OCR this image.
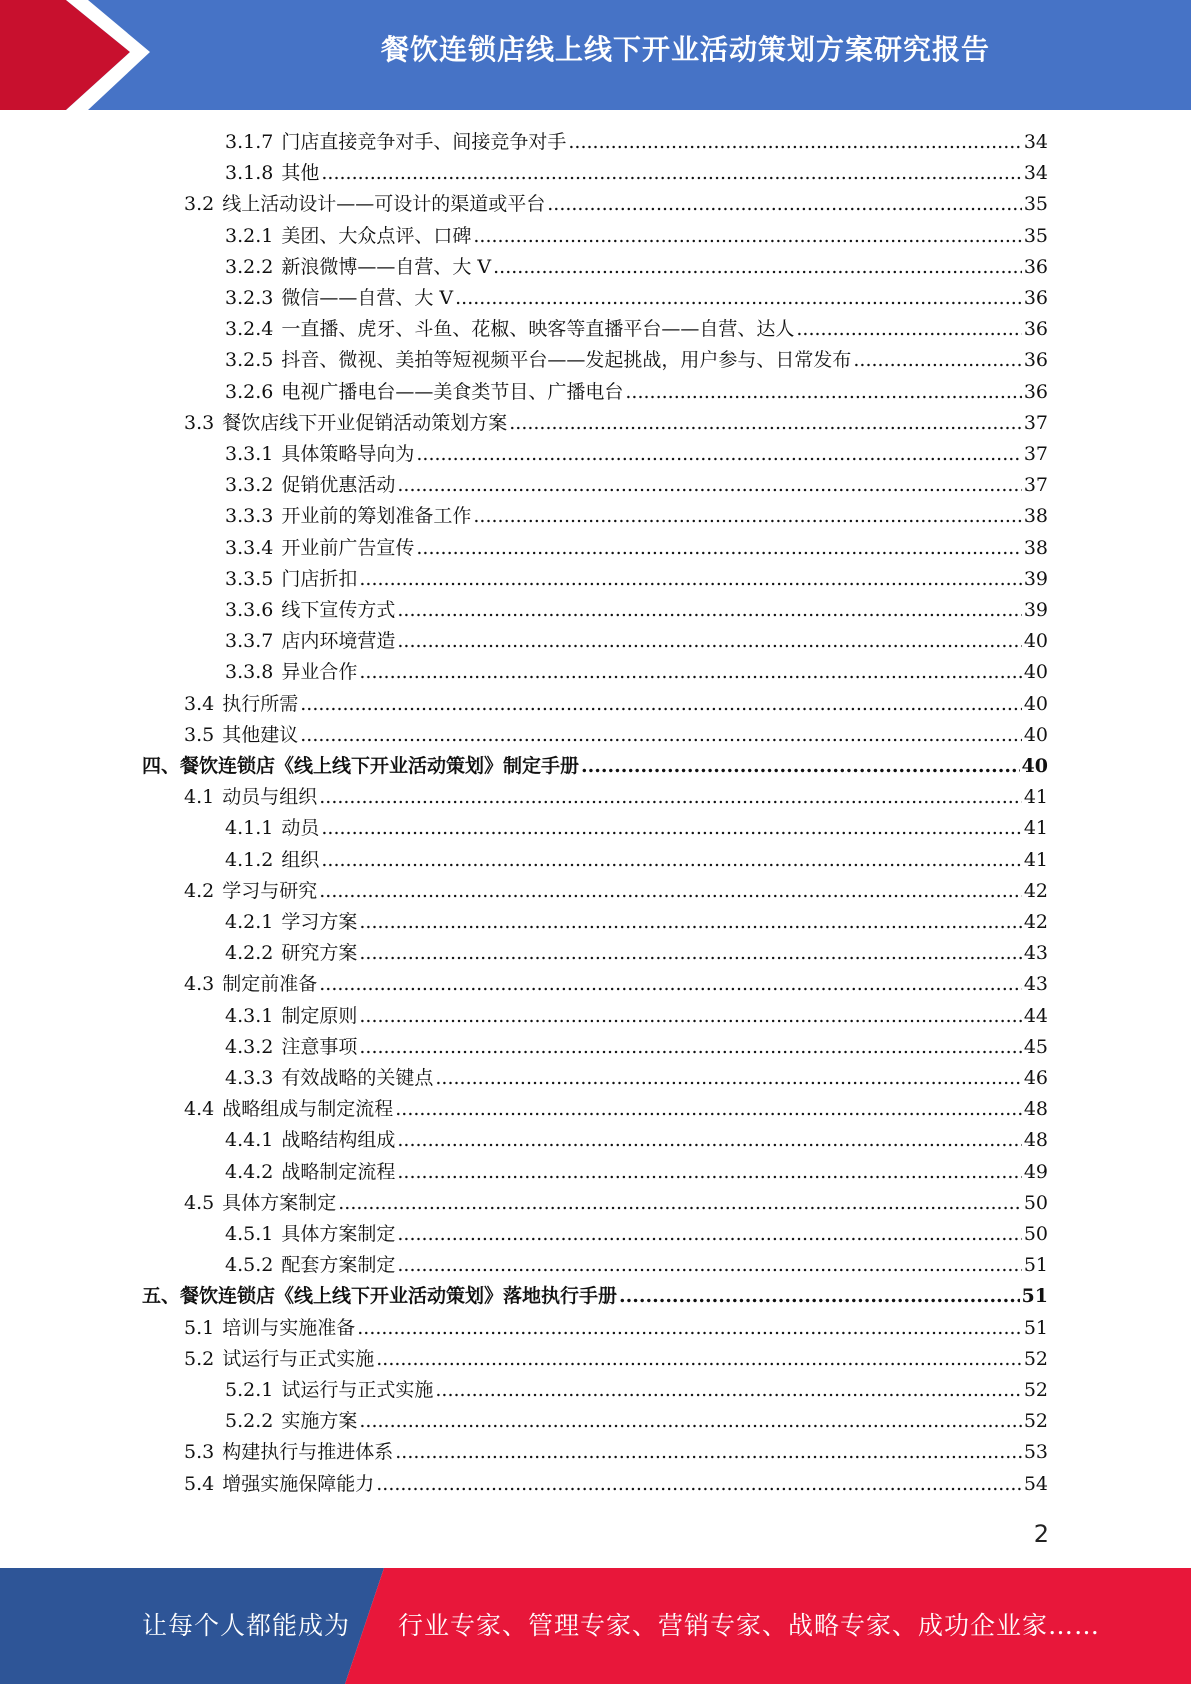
餐饮连锁店线上线下开业活动策划方案研究报告
3.1.7 门店直接竞争对手、间接竞争对手 .....	34
3.1.8 其他 .....	34
3.2 线上活动设计——可设计的渠道或平台 .....	35
3.2.1 美团、大众点评、口碑 .....	35
3.2.2 新浪微博——自营、大 V .....	36
3.2.3 微信——自营、大 V .....	36
3.2.4 一直播、虎牙、斗鱼、花椒、映客等直播平台——自营、达人 .....	36
3.2.5 抖音、微视、美拍等短视频平台——发起挑战，用户参与、日常发布 .....	36
3.2.6 电视广播电台——美食类节目、广播电台 .....	36
3.3 餐饮店线下开业促销活动策划方案 .....	37
3.3.1 具体策略导向为 .....	37
3.3.2 促销优惠活动 .....	37
3.3.3 开业前的筹划准备工作 .....	38
3.3.4 开业前广告宣传 .....	38
3.3.5 门店折扣 .....	39
3.3.6 线下宣传方式 .....	39
3.3.7 店内环境营造 .....	40
3.3.8 异业合作 .....	40
3.4 执行所需 .....	40
3.5 其他建议 .....	40
四、餐饮连锁店《线上线下开业活动策划》制定手册 .....	40
4.1 动员与组织 .....	41
4.1.1 动员 .....	41
4.1.2 组织 .....	41
4.2 学习与研究 .....	42
4.2.1 学习方案 .....	42
4.2.2 研究方案 .....	43
4.3 制定前准备 .....	43
4.3.1 制定原则 .....	44
4.3.2 注意事项 .....	45
4.3.3 有效战略的关键点 .....	46
4.4 战略组成与制定流程 .....	48
4.4.1 战略结构组成 .....	48
4.4.2 战略制定流程 .....	49
4.5 具体方案制定 .....	50
4.5.1 具体方案制定 .....	50
4.5.2 配套方案制定 .....	51
五、餐饮连锁店《线上线下开业活动策划》落地执行手册 .....	51
5.1 培训与实施准备 .....	51
5.2 试运行与正式实施 .....	52
5.2.1 试运行与正式实施 .....	52
5.2.2 实施方案 .....	52
5.3 构建执行与推进体系 .....	53
5.4 增强实施保障能力 .....	54
2
让每个人都能成为 行业专家、管理专家、营销专家、战略专家、成功企业家……
